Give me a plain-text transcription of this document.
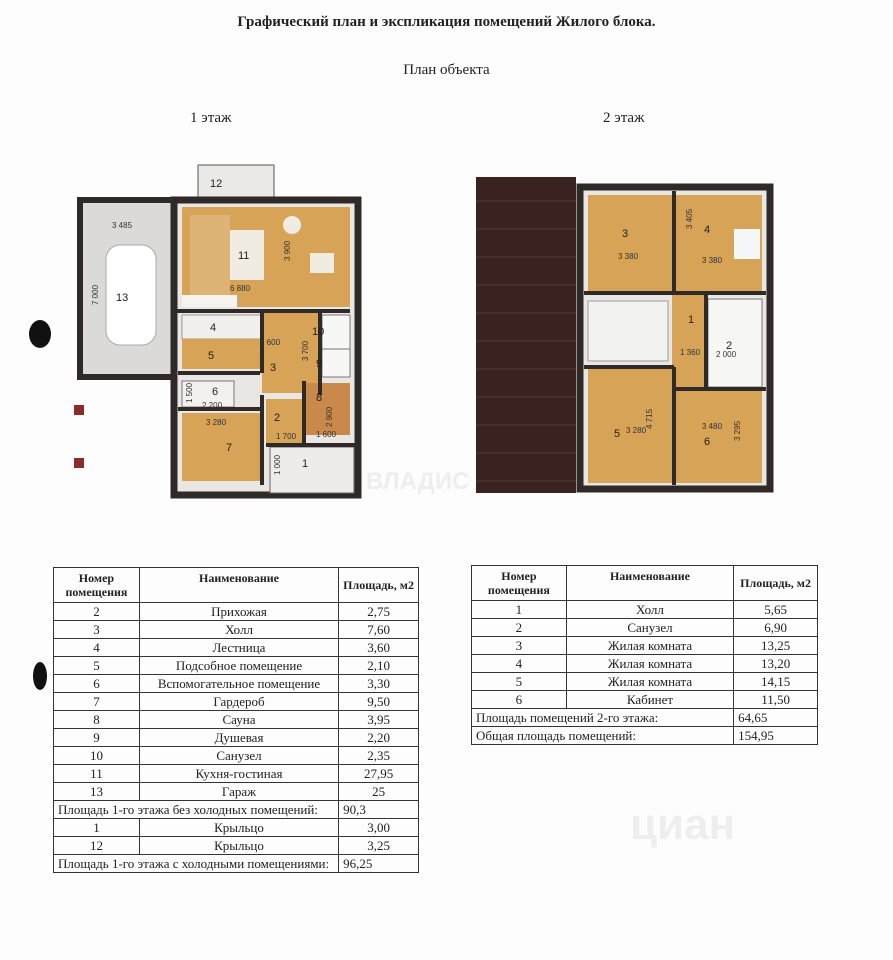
Графический план и экспликация помещений Жилого блока.
План объекта
1 этаж	2 этаж
12
11
13
4
3
5
6
7
8
9
10
1
2
3 485
7 000	6 880
3 900
2 600	3 700
2 200
1 500
3 280
1 700 1 600
1 000
2 900
3	4
1
2
5
6
3 380	3 380
3 405
1 360 2 000
3 280
4 715	3 480 3 295
ВЛАДИС
циан
Номер помещения	Наименование	Площадь, м2
2	Прихожая	2,75
3	Холл	7,60
4	Лестница	3,60
5	Подсобное помещение	2,10
6	Вспомогательное помещение	3,30
7	Гардероб	9,50
8	Сауна	3,95
9	Душевая	2,20
10	Санузел	2,35
11	Кухня-гостиная	27,95
13	Гараж	25
Площадь 1-го этажа без холодных помещений:		90,3
1	Крыльцо	3,00
12	Крыльцо	3,25
Площадь 1-го этажа с холодными помещениями:		96,25
Номер помещения	Наименование	Площадь, м2
1	Холл	5,65
2	Санузел	6,90
3	Жилая комната	13,25
4	Жилая комната	13,20
5	Жилая комната	14,15
6	Кабинет	11,50
Площадь помещений 2-го этажа:		64,65
Общая площадь помещений:		154,95
